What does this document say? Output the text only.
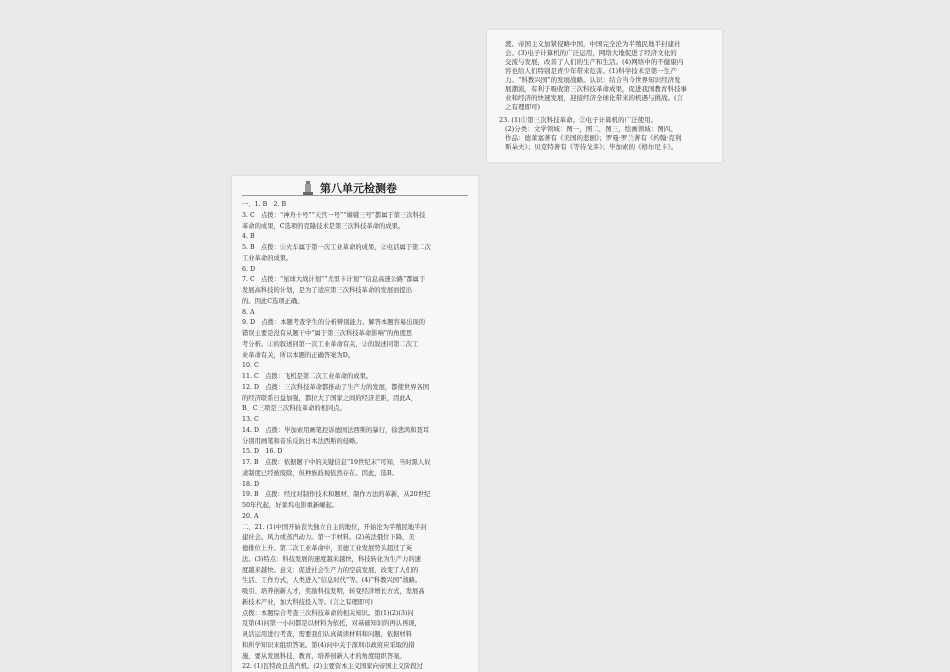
渡。帝国主义加紧侵略中国，中国完全沦为半殖民地半封建社
会。(3)电子计算机的广泛运用，网络大地促进了经济文化的
交流与发展，改善了人们的生产和生活。(4)网络中的不健康内
容也给人们特别是青少年带来危害。(1)科学技术是第一生产
力。“科教兴国”的发展战略。认识：结合当今世界知识经济发
展潮流，有利于吸收第三次科技革命成果，促进我国教育科技事
业和经济的快速发展，迎接经济全球化带来的机遇与挑战。(言
之有理即可)
23. (1)①第三次科技革命。②电子计算机的广泛使用。
(2)分类：文学领域：图一，图二，图三，绘画领域：图四。
作品：德莱塞著有《美国的悲剧》；罗曼·罗兰著有《约翰·克利
斯朵夫》；贝克特著有《等待戈多》；毕加索的《格尔尼卡》。
第八单元检测卷
一、1. B　2. B
3. C　点拨：“神舟十号”“天宫一号”“嫦娥三号”都属于第三次科技
革命的成果，C选项的克隆技术是第三次科技革命的成果。
4. B
5. B　点拨：①火车属于第一次工业革命的成果，②电话属于第二次
工业革命的成果。
6. D
7. C　点拨：“星球大战计划”“尤里卡计划”“信息高速公路”都属于
发展高科技的计划，是为了适应第三次科技革命的发展而提出
的。因此C选项正确。
8. A
9. D　点拨：本题考查学生的分析辨别能力。解答本题容易出现的
错误主要是没有从题干中“属于第三次科技革命影响”的角度思
考分析。①的叙述同第一次工业革命有关，②的叙述同第二次工
业革命有关，所以本题的正确答案为D。
10. C
11. C　点拨：飞机是第二次工业革命的成果。
12. D　点拨：三次科技革命都推动了生产力的发展，都使世界各国
的经济联系日益加强，都拉大了国家之间的经济差距，因此A、
B、C三项是三次科技革命的相同点。
13. C
14. D　点拨：毕加索用画笔控诉德国法西斯的暴行，徐悲鸿和聂耳
分别用画笔和音乐反抗日本法西斯的侵略。
15. D　16. D
17. B　点拨：依据题干中的关键信息“19世纪末”可知，当时黑人奴
隶制度已经被废除，但种族歧视依然存在。因此，选B。
18. D
19. B　点拨：经过对制作技术和题材、制作方法的革新，从20世纪
50年代起，好莱坞电影重新崛起。
20. A
二、21. (1)中国开始丧失独立自主的地位，开始沦为半殖民地半封
建社会。风力或蒸汽动力。第一手材料。(2)英法俄位下降，美
德排位上升。第二次工业革命中，美德工业发展势头超过了英
法。(3)特点：科技发展的速度越来越快，科技转化为生产力的速
度越来越快。意义：促进社会生产力的空前发展，改变了人们的
生活、工作方式，人类进入“信息时代”等。(4)“科教兴国”战略。
吸引、培养创新人才，奖励科技发明，转变经济增长方式，发展高
新技术产业，加大科技投入等。(言之有理即可)
点拨：本题综合考查三次科技革命的相关知识。第(1)(2)(3)问
及第(4)问第一小问都是以材料为依托，对基础知识的再认再现，
灵活运用进行考查，需要我们认真阅读材料和问题，依据材料
和所学知识来组织答案。第(4)问中关于深圳市政府应采取的措
施，要从发展科技、教育，培养创新人才的角度组织答案。
22. (1)瓦特改良蒸汽机。(2)主要资本主义国家向帝国主义阶段过
